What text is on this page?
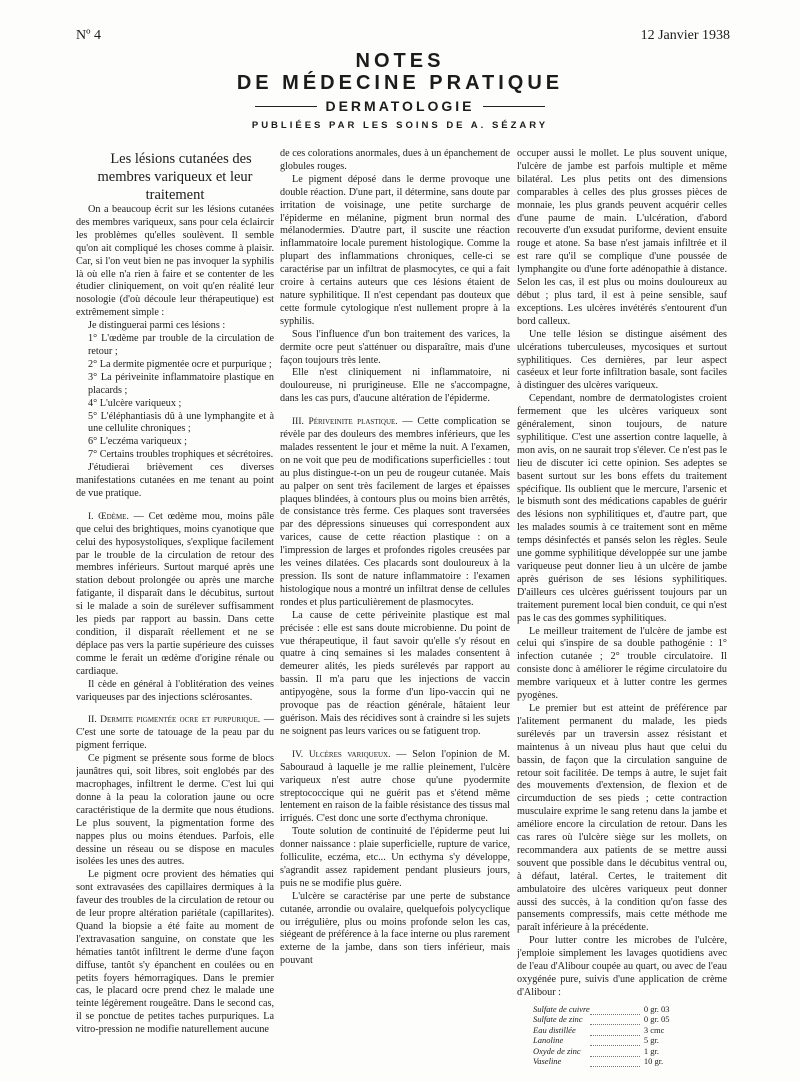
Nº 4	12 Janvier 1938
NOTES
DE MÉDECINE PRATIQUE
DERMATOLOGIE
PUBLIÉES PAR LES SOINS DE A. SÉZARY

Les lésions cutanées des membres variqueux et leur traitement

On a beaucoup écrit sur les lésions cutanées des membres variqueux, sans pour cela éclaircir les problèmes qu'elles soulèvent. Il semble qu'on ait compliqué les choses comme à plaisir. Car, si l'on veut bien ne pas invoquer la syphilis là où elle n'a rien à faire et se contenter de les étudier cliniquement, on voit qu'en réalité leur nosologie (d'où découle leur thérapeutique) est extrêmement simple :

Je distinguerai parmi ces lésions :

1° L'œdème par trouble de la circulation de retour ;

2° La dermite pigmentée ocre et purpurique ;

3° La périveinite inflammatoire plastique en placards ;

4° L'ulcère variqueux ;

5° L'éléphantiasis dû à une lymphangite et à une cellulite chroniques ;

6° L'eczéma variqueux ;

7° Certains troubles trophiques et sécrétoires.

J'étudierai brièvement ces diverses manifestations cutanées en me tenant au point de vue pratique.

I. Œdème. — Cet œdème mou, moins pâle que celui des brightiques, moins cyanotique que celui des hyposystoliques, s'explique facilement par le trouble de la circulation de retour des membres inférieurs. Surtout marqué après une station debout prolongée ou après une marche fatigante, il disparaît dans le décubitus, surtout si le malade a soin de surélever suffisamment les pieds par rapport au bassin. Dans cette condition, il disparaît réellement et ne se déplace pas vers la partie supérieure des cuisses comme le ferait un œdème d'origine rénale ou cardiaque.

Il cède en général à l'oblitération des veines variqueuses par des injections sclérosantes.

II. Dermite pigmentée ocre et purpurique. — C'est une sorte de tatouage de la peau par du pigment ferrique.

Ce pigment se présente sous forme de blocs jaunâtres qui, soit libres, soit englobés par des macrophages, infiltrent le derme. C'est lui qui donne à la peau la coloration jaune ou ocre caractéristique de la dermite que nous étudions. Le plus souvent, la pigmentation forme des nappes plus ou moins étendues. Parfois, elle dessine un réseau ou se dispose en macules isolées les unes des autres.

Le pigment ocre provient des hématies qui sont extravasées des capillaires dermiques à la faveur des troubles de la circulation de retour ou de leur propre altération pariétale (capillarites). Quand la biopsie a été faite au moment de l'extravasation sanguine, on constate que les hématies tantôt infiltrent le derme d'une façon diffuse, tantôt s'y épanchent en coulées ou en petits foyers hémorragiques. Dans le premier cas, le placard ocre prend chez le malade une teinte légèrement rougeâtre. Dans le second cas, il se ponctue de petites taches purpuriques. La vitro-pression ne modifie naturellement aucune

de ces colorations anormales, dues à un épanchement de globules rouges.

Le pigment déposé dans le derme provoque une double réaction. D'une part, il détermine, sans doute par irritation de voisinage, une petite surcharge de l'épiderme en mélanine, pigment brun normal des mélanodermies. D'autre part, il suscite une réaction inflammatoire locale purement histologique. Comme la plupart des inflammations chroniques, celle-ci se caractérise par un infiltrat de plasmocytes, ce qui a fait croire à certains auteurs que ces lésions étaient de nature syphilitique. Il n'est cependant pas douteux que cette formule cytologique n'est nullement propre à la syphilis.

Sous l'influence d'un bon traitement des varices, la dermite ocre peut s'atténuer ou disparaître, mais d'une façon toujours très lente.

Elle n'est cliniquement ni inflammatoire, ni douloureuse, ni prurigineuse. Elle ne s'accompagne, dans les cas purs, d'aucune altération de l'épiderme.

III. Périveinite plastique. — Cette complication se révèle par des douleurs des membres inférieurs, que les malades ressentent le jour et même la nuit. A l'examen, on ne voit que peu de modifications superficielles : tout au plus distingue-t-on un peu de rougeur cutanée. Mais au palper on sent très facilement de larges et épaisses plaques blindées, à contours plus ou moins bien arrêtés, de consistance très ferme. Ces plaques sont traversées par des dépressions sinueuses qui correspondent aux varices, cause de cette réaction plastique : on a l'impression de larges et profondes rigoles creusées par les veines dilatées. Ces placards sont douloureux à la pression. Ils sont de nature inflammatoire : l'examen histologique nous a montré un infiltrat dense de cellules rondes et plus particulièrement de plasmocytes.

La cause de cette périveinite plastique est mal précisée : elle est sans doute microbienne. Du point de vue thérapeutique, il faut savoir qu'elle s'y résout en quatre à cinq semaines si les malades consentent à demeurer alités, les pieds surélevés par rapport au bassin. Il m'a paru que les injections de vaccin antipyogène, sous la forme d'un lipo-vaccin qui ne provoque pas de réaction générale, hâtaient leur guérison. Mais des récidives sont à craindre si les sujets ne soignent pas leurs varices ou se fatiguent trop.

IV. Ulcères variqueux. — Selon l'opinion de M. Sabouraud à laquelle je me rallie pleinement, l'ulcère variqueux n'est autre chose qu'une pyodermite streptococcique qui ne guérit pas et s'étend même lentement en raison de la faible résistance des tissus mal irrigués. C'est donc une sorte d'ecthyma chronique.

Toute solution de continuité de l'épiderme peut lui donner naissance : plaie superficielle, rupture de varice, folliculite, eczéma, etc... Un ecthyma s'y développe, s'agrandit assez rapidement pendant plusieurs jours, puis ne se modifie plus guère.

L'ulcère se caractérise par une perte de substance cutanée, arrondie ou ovalaire, quelquefois polycyclique ou irrégulière, plus ou moins profonde selon les cas, siégeant de préférence à la face interne ou plus rarement externe de la jambe, dans son tiers inférieur, mais pouvant

occuper aussi le mollet. Le plus souvent unique, l'ulcère de jambe est parfois multiple et même bilatéral. Les plus petits ont des dimensions comparables à celles des plus grosses pièces de monnaie, les plus grands peuvent acquérir celles d'une paume de main. L'ulcération, d'abord recouverte d'un exsudat puriforme, devient ensuite rouge et atone. Sa base n'est jamais infiltrée et il est rare qu'il se complique d'une poussée de lymphangite ou d'une forte adénopathie à distance. Selon les cas, il est plus ou moins douloureux au début ; plus tard, il est à peine sensible, sauf exceptions. Les ulcères invétérés s'entourent d'un bord calleux.

Une telle lésion se distingue aisément des ulcérations tuberculeuses, mycosiques et surtout syphilitiques. Ces dernières, par leur aspect caséeux et leur forte infiltration basale, sont faciles à distinguer des ulcères variqueux.

Cependant, nombre de dermatologistes croient fermement que les ulcères variqueux sont généralement, sinon toujours, de nature syphilitique. C'est une assertion contre laquelle, à mon avis, on ne saurait trop s'élever. Ce n'est pas le lieu de discuter ici cette opinion. Ses adeptes se basent surtout sur les bons effets du traitement spécifique. Ils oublient que le mercure, l'arsenic et le bismuth sont des médications capables de guérir des lésions non syphilitiques et, d'autre part, que les malades soumis à ce traitement sont en même temps désinfectés et pansés selon les règles. Seule une gomme syphilitique développée sur une jambe variqueuse peut donner lieu à un ulcère de jambe après guérison de ses lésions syphilitiques. D'ailleurs ces ulcères guérissent toujours par un traitement purement local bien conduit, ce qui n'est pas le cas des gommes syphilitiques.

Le meilleur traitement de l'ulcère de jambe est celui qui s'inspire de sa double pathogénie : 1° infection cutanée ; 2° trouble circulatoire. Il consiste donc à améliorer le régime circulatoire du membre variqueux et à lutter contre les germes pyogènes.

Le premier but est atteint de préférence par l'alitement permanent du malade, les pieds surélevés par un traversin assez résistant et maintenus à un niveau plus haut que celui du bassin, de façon que la circulation sanguine de retour soit facilitée. De temps à autre, le sujet fait des mouvements d'extension, de flexion et de circumduction de ses pieds ; cette contraction musculaire exprime le sang retenu dans la jambe et améliore encore la circulation de retour. Dans les cas rares où l'ulcère siège sur les mollets, on recommandera aux patients de se mettre aussi souvent que possible dans le décubitus ventral ou, à défaut, latéral. Certes, le traitement dit ambulatoire des ulcères variqueux peut donner aussi des succès, à la condition qu'on fasse des pansements compressifs, mais cette méthode me paraît inférieure à la précédente.

Pour lutter contre les microbes de l'ulcère, j'emploie simplement les lavages quotidiens avec de l'eau d'Alibour coupée au quart, ou avec de l'eau oxygénée pure, suivis d'une application de crème d'Alibour :

Sulfate de cuivre		0 gr. 03
Sulfate de zinc		0 gr. 05
Eau distillée		3 cmc
Lanoline		5 gr.
Oxyde de zinc		1 gr.
Vaseline		10 gr.
